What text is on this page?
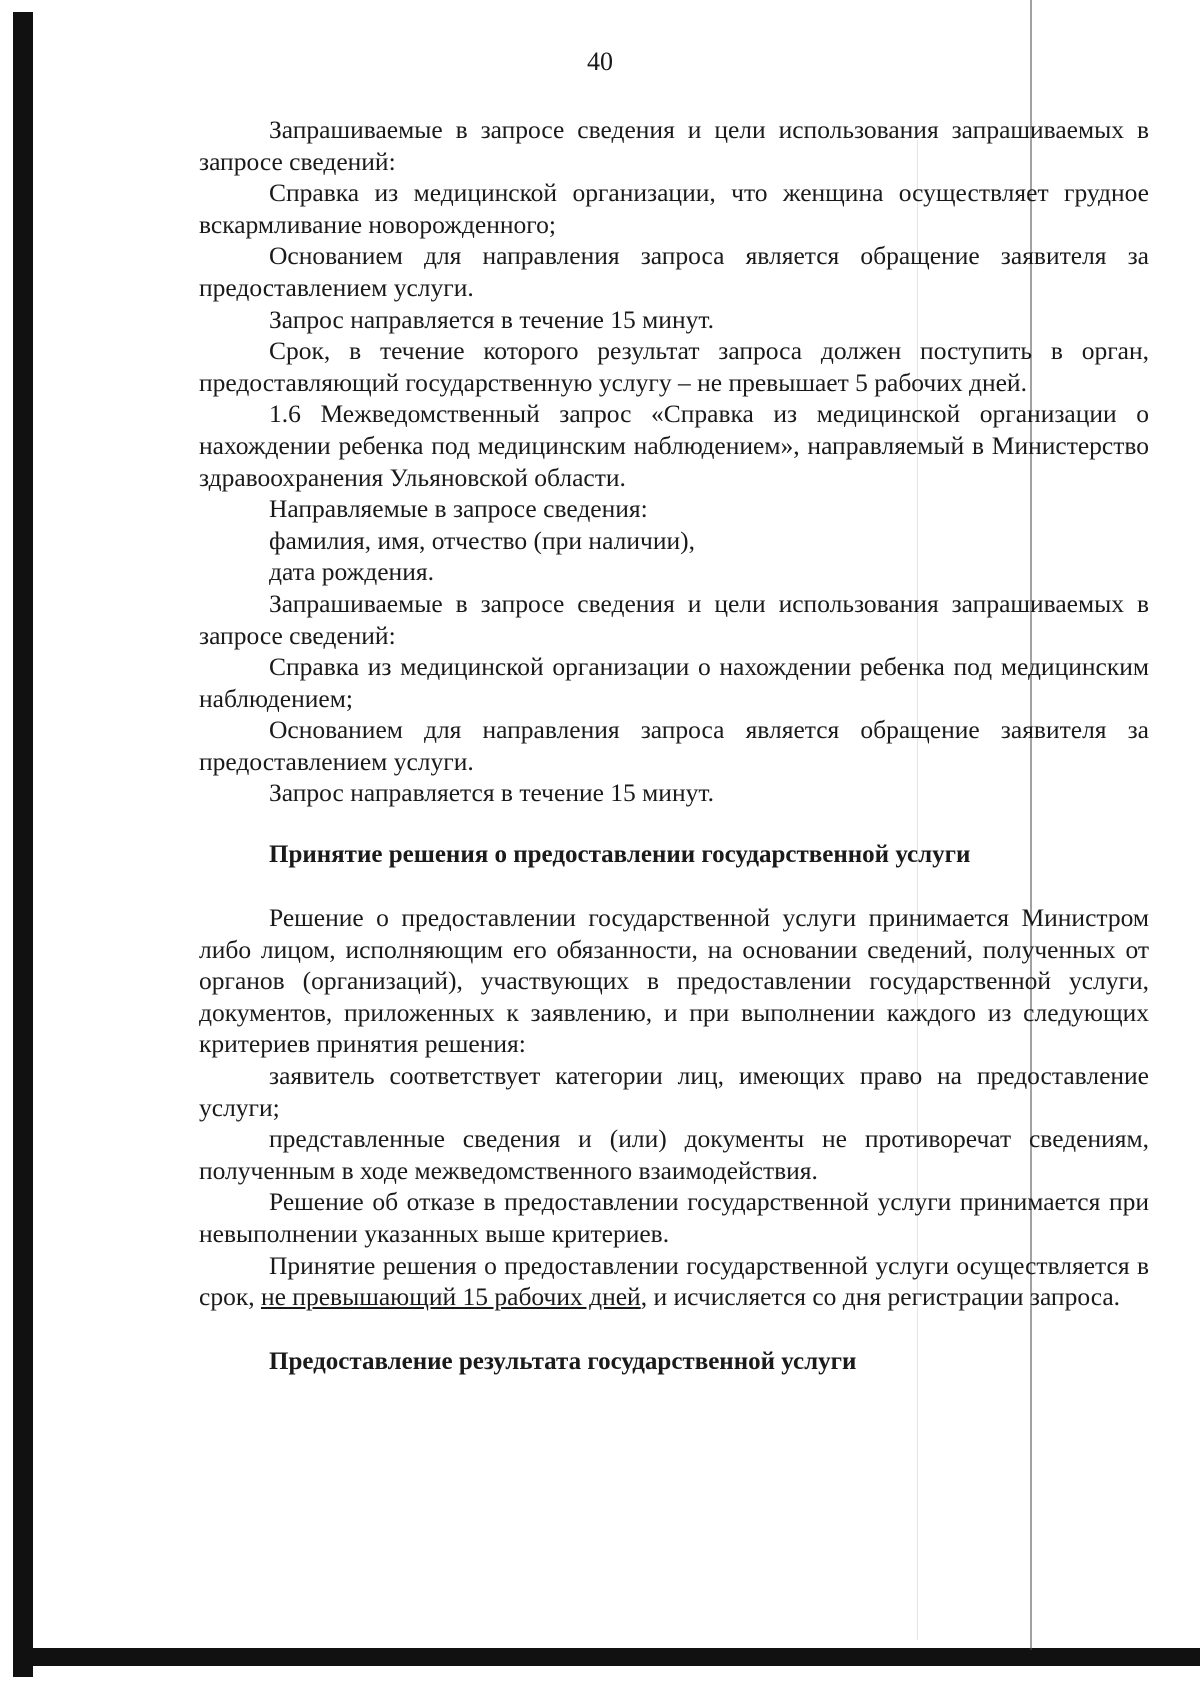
40

Запрашиваемые в запросе сведения и цели использования запрашиваемых в запросе сведений:

Справка из медицинской организации, что женщина осуществляет грудное вскармливание новорожденного;

Основанием для направления запроса является обращение заявителя за предоставлением услуги.

Запрос направляется в течение 15 минут.

Срок, в течение которого результат запроса должен поступить в орган, предоставляющий государственную услугу – не превышает 5 рабочих дней.

1.6 Межведомственный запрос «Справка из медицинской организации о нахождении ребенка под медицинским наблюдением», направляемый в Министерство здравоохранения Ульяновской области.

Направляемые в запросе сведения:

фамилия, имя, отчество (при наличии),

дата рождения.

Запрашиваемые в запросе сведения и цели использования запрашиваемых в запросе сведений:

Справка из медицинской организации о нахождении ребенка под медицинским наблюдением;

Основанием для направления запроса является обращение заявителя за предоставлением услуги.

Запрос направляется в течение 15 минут.

Принятие решения о предоставлении государственной услуги

Решение о предоставлении государственной услуги принимается Министром либо лицом, исполняющим его обязанности, на основании сведений, полученных от органов (организаций), участвующих в предоставлении государственной услуги, документов, приложенных к заявлению, и при выполнении каждого из следующих критериев принятия решения:

заявитель соответствует категории лиц, имеющих право на предоставление услуги;

представленные сведения и (или) документы не противоречат сведениям, полученным в ходе межведомственного взаимодействия.

Решение об отказе в предоставлении государственной услуги принимается при невыполнении указанных выше критериев.

Принятие решения о предоставлении государственной услуги осуществляется в срок, не превышающий 15 рабочих дней, и исчисляется со дня регистрации запроса.

Предоставление результата государственной услуги
